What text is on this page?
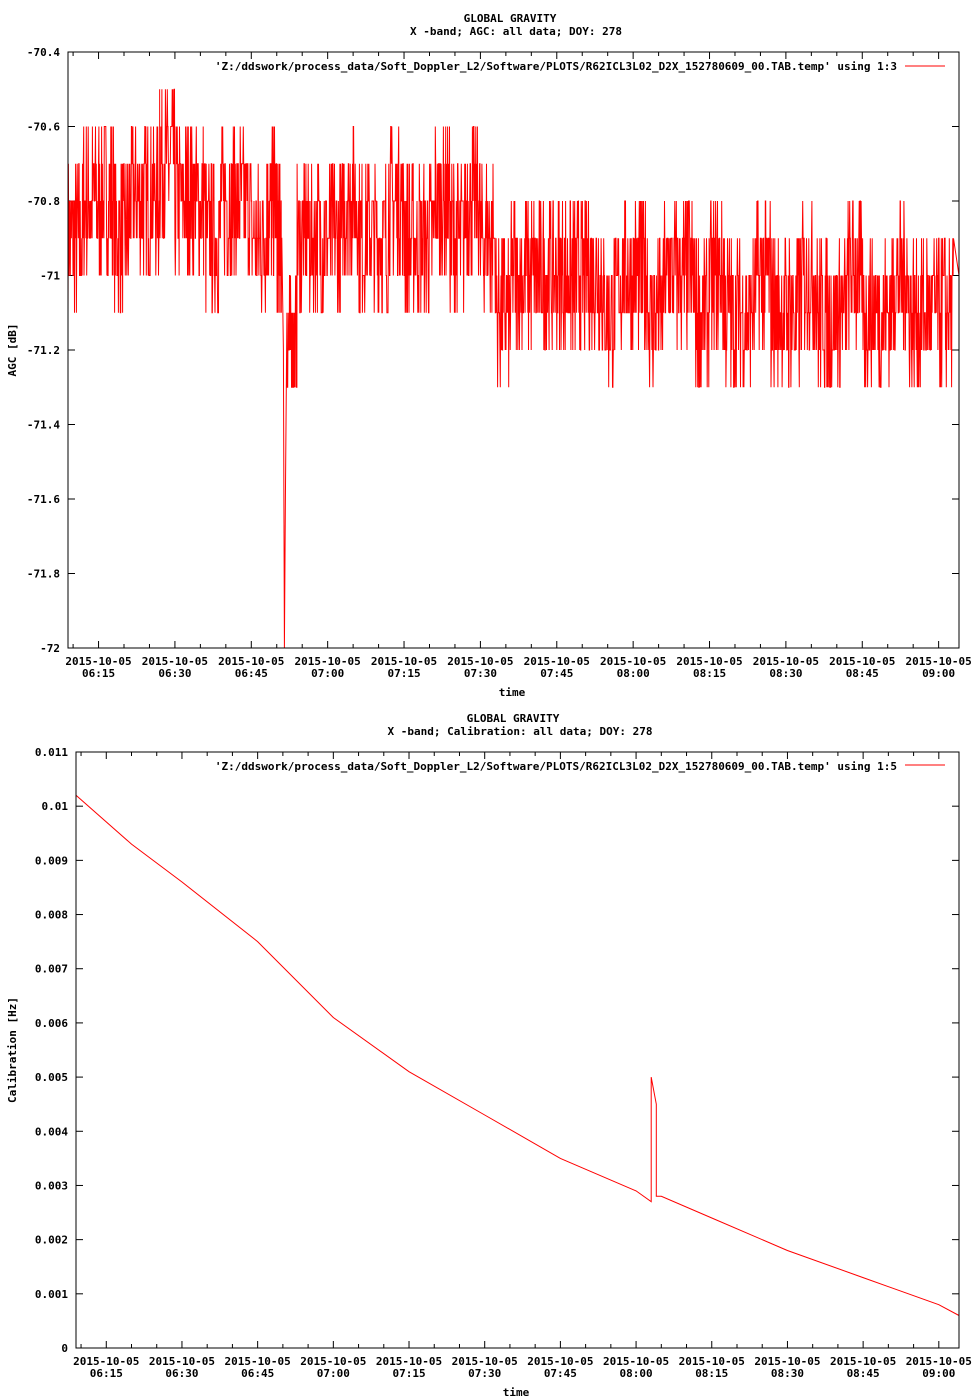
GLOBAL GRAVITY
X -band; AGC: all data; DOY: 278
-70.4
-70.6
-70.8
-71
-71.2
-71.4
-71.6
-71.8
-72
2015-10-05
06:15
2015-10-05
06:30
2015-10-05
06:45
2015-10-05
07:00
2015-10-05
07:15
2015-10-05
07:30
2015-10-05
07:45
2015-10-05
08:00
2015-10-05
08:15
2015-10-05
08:30
2015-10-05
08:45
2015-10-05
09:00
AGC [dB]
time
'Z:/ddswork/process_data/Soft_Doppler_L2/Software/PLOTS/R62ICL3L02_D2X_152780609_00.TAB.temp' using 1:3
GLOBAL GRAVITY
X -band; Calibration: all data; DOY: 278
0.011
0.01
0.009
0.008
0.007
0.006
0.005
0.004
0.003
0.002
0.001
0
2015-10-05
06:15
2015-10-05
06:30
2015-10-05
06:45
2015-10-05
07:00
2015-10-05
07:15
2015-10-05
07:30
2015-10-05
07:45
2015-10-05
08:00
2015-10-05
08:15
2015-10-05
08:30
2015-10-05
08:45
2015-10-05
09:00
Calibration [Hz]
time
'Z:/ddswork/process_data/Soft_Doppler_L2/Software/PLOTS/R62ICL3L02_D2X_152780609_00.TAB.temp' using 1:5
